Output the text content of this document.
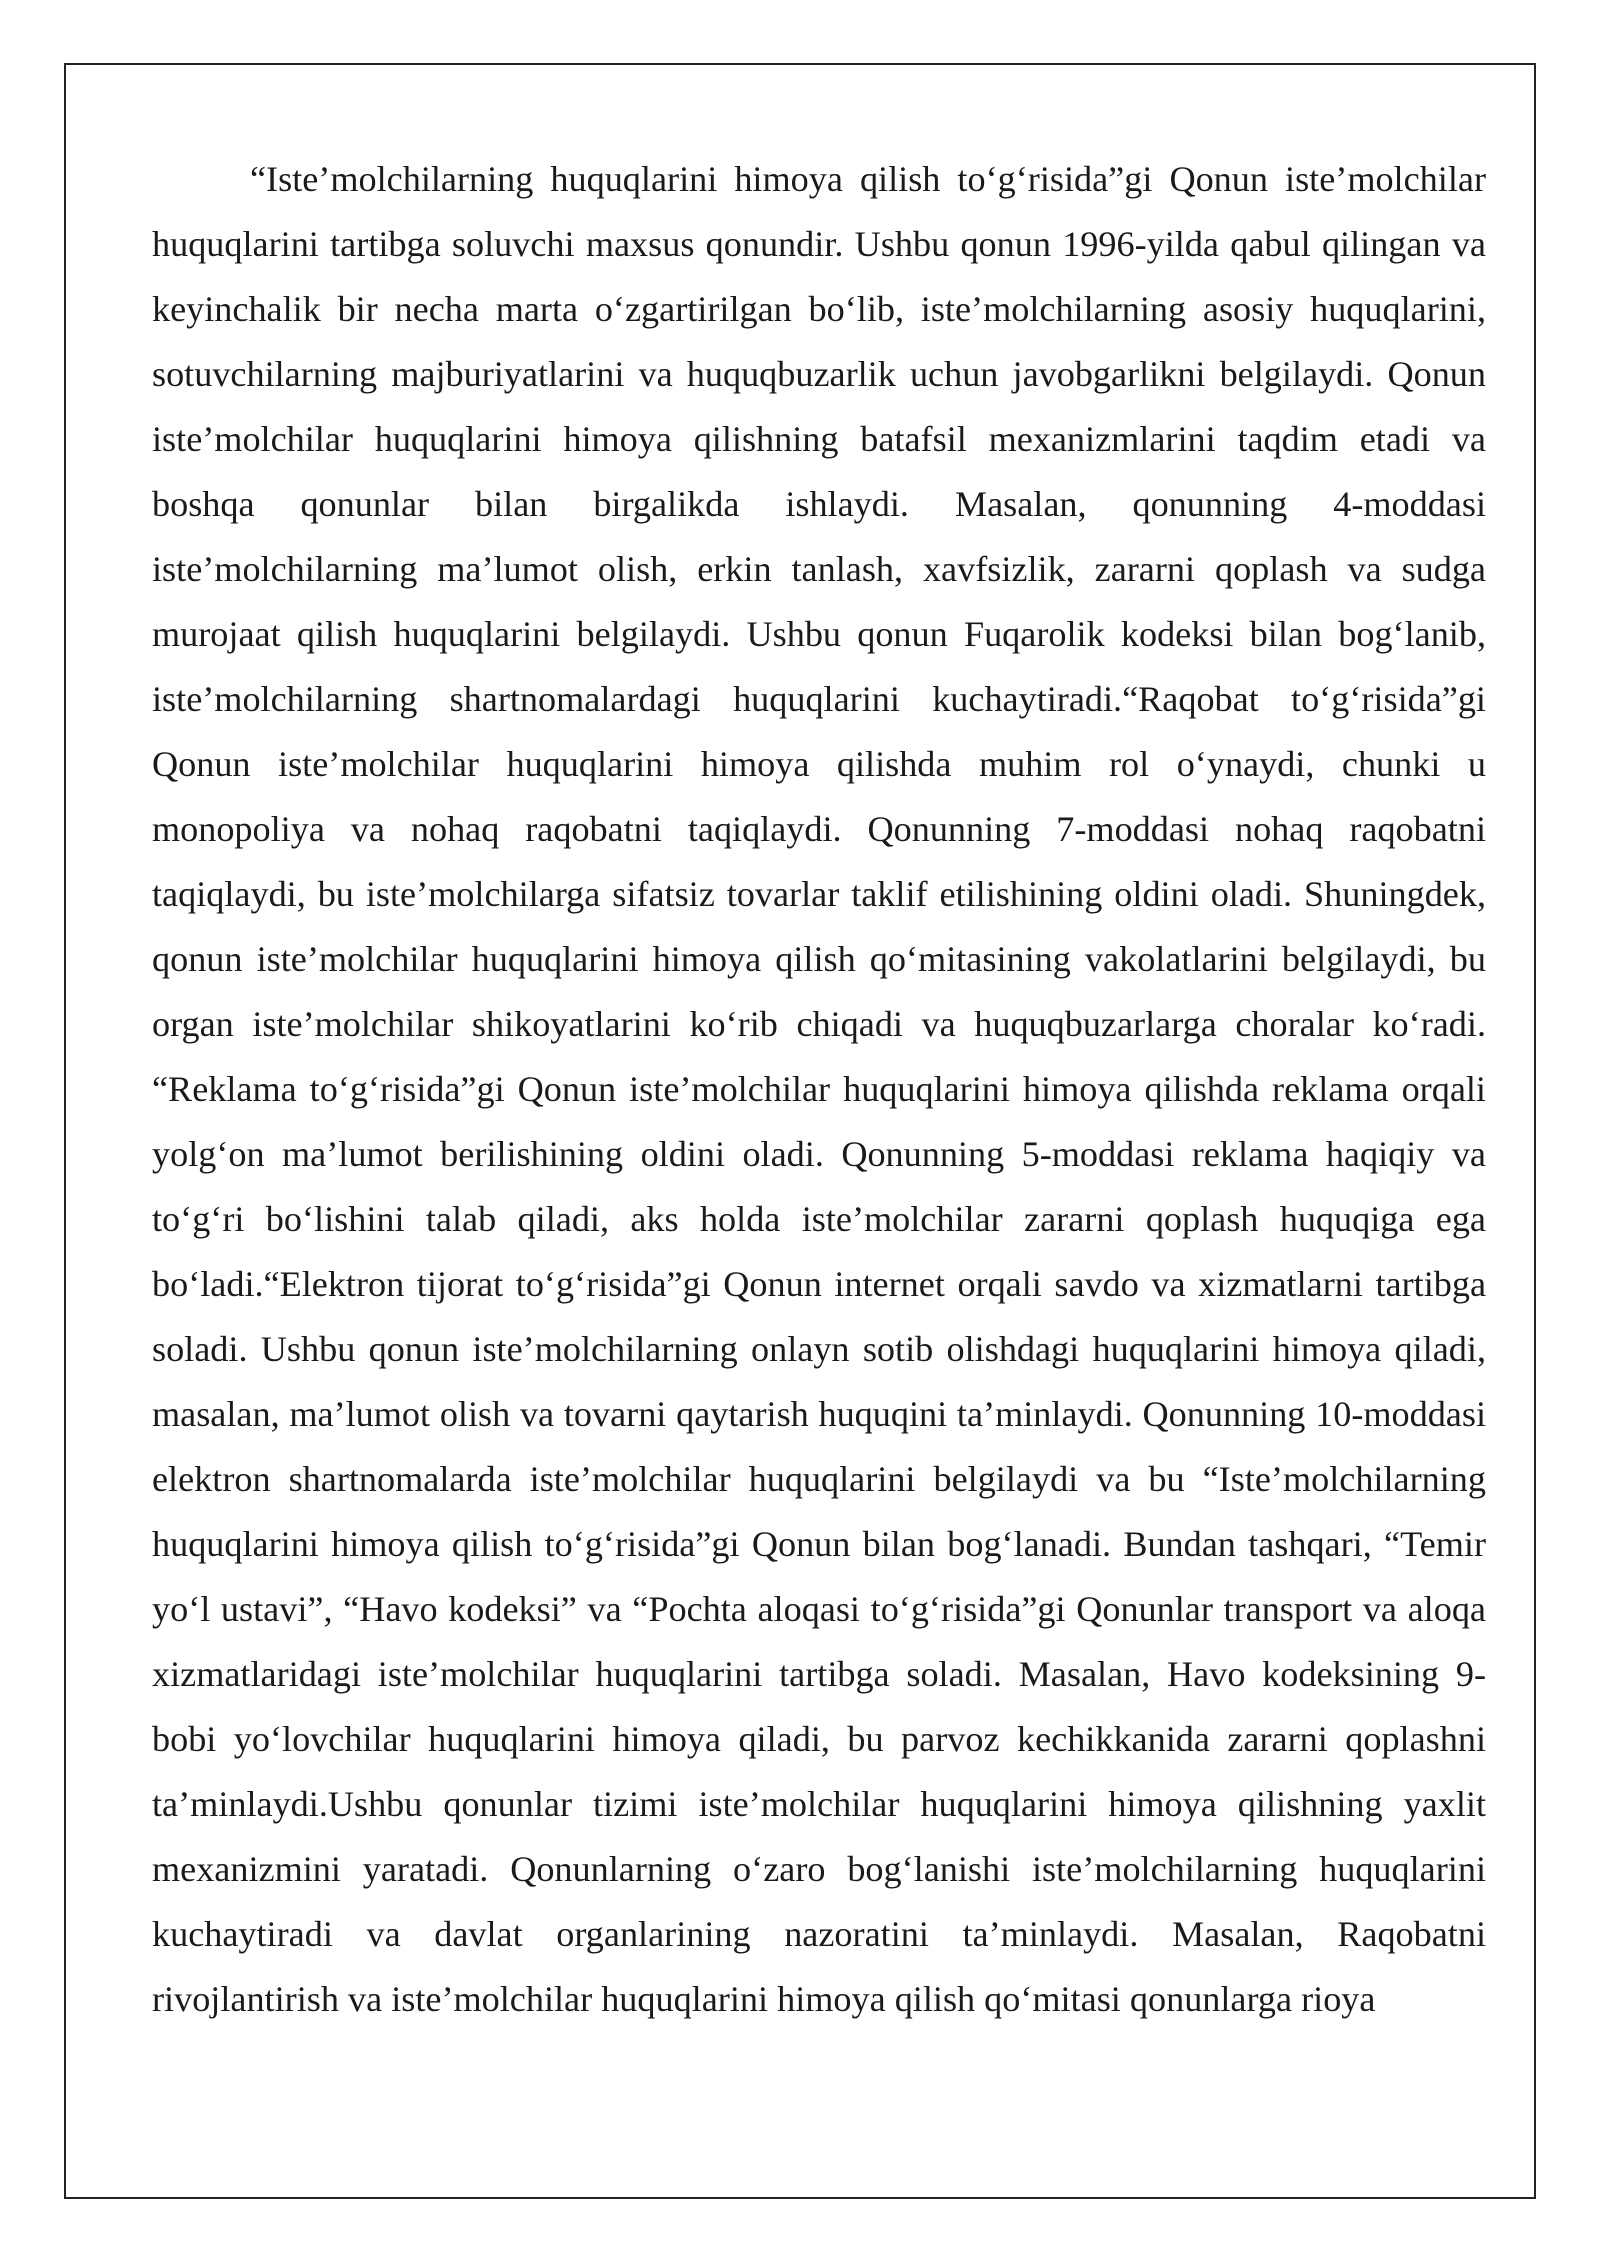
“Iste’molchilarning huquqlarini himoya qilish to‘g‘risida”gi Qonun iste’molchilar huquqlarini tartibga soluvchi maxsus qonundir. Ushbu qonun 1996-yilda qabul qilingan va keyinchalik bir necha marta o‘zgartirilgan bo‘lib, iste’molchilarning asosiy huquqlarini, sotuvchilarning majburiyatlarini va huquqbuzarlik uchun javobgarlikni belgilaydi. Qonun iste’molchilar huquqlarini himoya qilishning batafsil mexanizmlarini taqdim etadi va boshqa qonunlar bilan birgalikda ishlaydi. Masalan, qonunning 4-moddasi iste’molchilarning ma’lumot olish, erkin tanlash, xavfsizlik, zararni qoplash va sudga murojaat qilish huquqlarini belgilaydi. Ushbu qonun Fuqarolik kodeksi bilan bog‘lanib, iste’molchilarning shartnomalardagi huquqlarini kuchaytiradi.“Raqobat to‘g‘risida”gi Qonun iste’molchilar huquqlarini himoya qilishda muhim rol o‘ynaydi, chunki u monopoliya va nohaq raqobatni taqiqlaydi. Qonunning 7-moddasi nohaq raqobatni taqiqlaydi, bu iste’molchilarga sifatsiz tovarlar taklif etilishining oldini oladi. Shuningdek, qonun iste’molchilar huquqlarini himoya qilish qo‘mitasining vakolatlarini belgilaydi, bu organ iste’molchilar shikoyatlarini ko‘rib chiqadi va huquqbuzarlarga choralar ko‘radi. “Reklama to‘g‘risida”gi Qonun iste’molchilar huquqlarini himoya qilishda reklama orqali yolg‘on ma’lumot berilishining oldini oladi. Qonunning 5-moddasi reklama haqiqiy va to‘g‘ri bo‘lishini talab qiladi, aks holda iste’molchilar zararni qoplash huquqiga ega bo‘ladi.“Elektron tijorat to‘g‘risida”gi Qonun internet orqali savdo va xizmatlarni tartibga soladi. Ushbu qonun iste’molchilarning onlayn sotib olishdagi huquqlarini himoya qiladi, masalan, ma’lumot olish va tovarni qaytarish huquqini ta’minlaydi. Qonunning 10-moddasi elektron shartnomalarda iste’molchilar huquqlarini belgilaydi va bu “Iste’molchilarning huquqlarini himoya qilish to‘g‘risida”gi Qonun bilan bog‘lanadi. Bundan tashqari, “Temir yo‘l ustavi”, “Havo kodeksi” va “Pochta aloqasi to‘g‘risida”gi Qonunlar transport va aloqa xizmatlaridagi iste’molchilar huquqlarini tartibga soladi. Masalan, Havo kodeksining 9-bobi yo‘lovchilar huquqlarini himoya qiladi, bu parvoz kechikkanida zararni qoplashni ta’minlaydi.Ushbu qonunlar tizimi iste’molchilar huquqlarini himoya qilishning yaxlit mexanizmini yaratadi. Qonunlarning o‘zaro bog‘lanishi iste’molchilarning huquqlarini kuchaytiradi va davlat organlarining nazoratini ta’minlaydi. Masalan, Raqobatni rivojlantirish va iste’molchilar huquqlarini himoya qilish qo‘mitasi qonunlarga rioya
